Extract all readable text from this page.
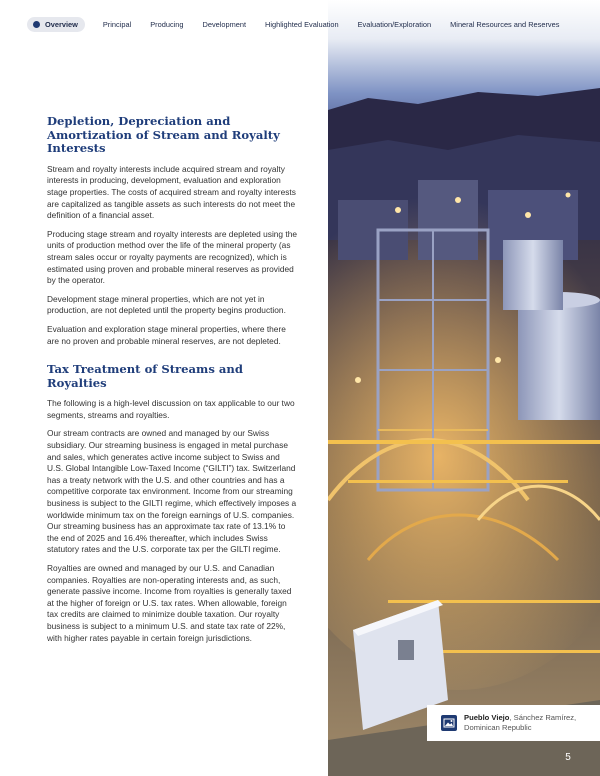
Overview	Principal	Producing	Development	Highlighted Evaluation	Evaluation/Exploration	Mineral Resources and Reserves
Depletion, Depreciation and Amortization of Stream and Royalty Interests

Stream and royalty interests include acquired stream and royalty interests in producing, development, evaluation and exploration stage properties. The costs of acquired stream and royalty interests are capitalized as tangible assets as such interests do not meet the definition of a financial asset.

Producing stage stream and royalty interests are depleted using the units of production method over the life of the mineral property (as stream sales occur or royalty payments are recognized), which is estimated using proven and probable mineral reserves as provided by the operator.

Development stage mineral properties, which are not yet in production, are not depleted until the property begins production.

Evaluation and exploration stage mineral properties, where there are no proven and probable mineral reserves, are not depleted.

Tax Treatment of Streams and Royalties

The following is a high-level discussion on tax applicable to our two segments, streams and royalties.

Our stream contracts are owned and managed by our Swiss subsidiary. Our streaming business is engaged in metal purchase and sales, which generates active income subject to Swiss and U.S. Global Intangible Low-Taxed Income (“GILTI”) tax. Switzerland has a treaty network with the U.S. and other countries and has a competitive corporate tax environment. Income from our streaming business is subject to the GILTI regime, which effectively imposes a worldwide minimum tax on the foreign earnings of U.S. companies. Our streaming business has an approximate tax rate of 13.1% to the end of 2025 and 16.4% thereafter, which includes Swiss statutory rates and the U.S. corporate tax per the GILTI regime.

Royalties are owned and managed by our U.S. and Canadian companies. Royalties are non-operating interests and, as such, generate passive income. Income from royalties is generally taxed at the higher of foreign or U.S. tax rates. When allowable, foreign tax credits are claimed to minimize double taxation. Our royalty business is subject to a minimum U.S. and state tax rate of 22%, with higher rates payable in certain foreign jurisdictions.

Pueblo Viejo, Sánchez Ramírez,
Dominican Republic
5
